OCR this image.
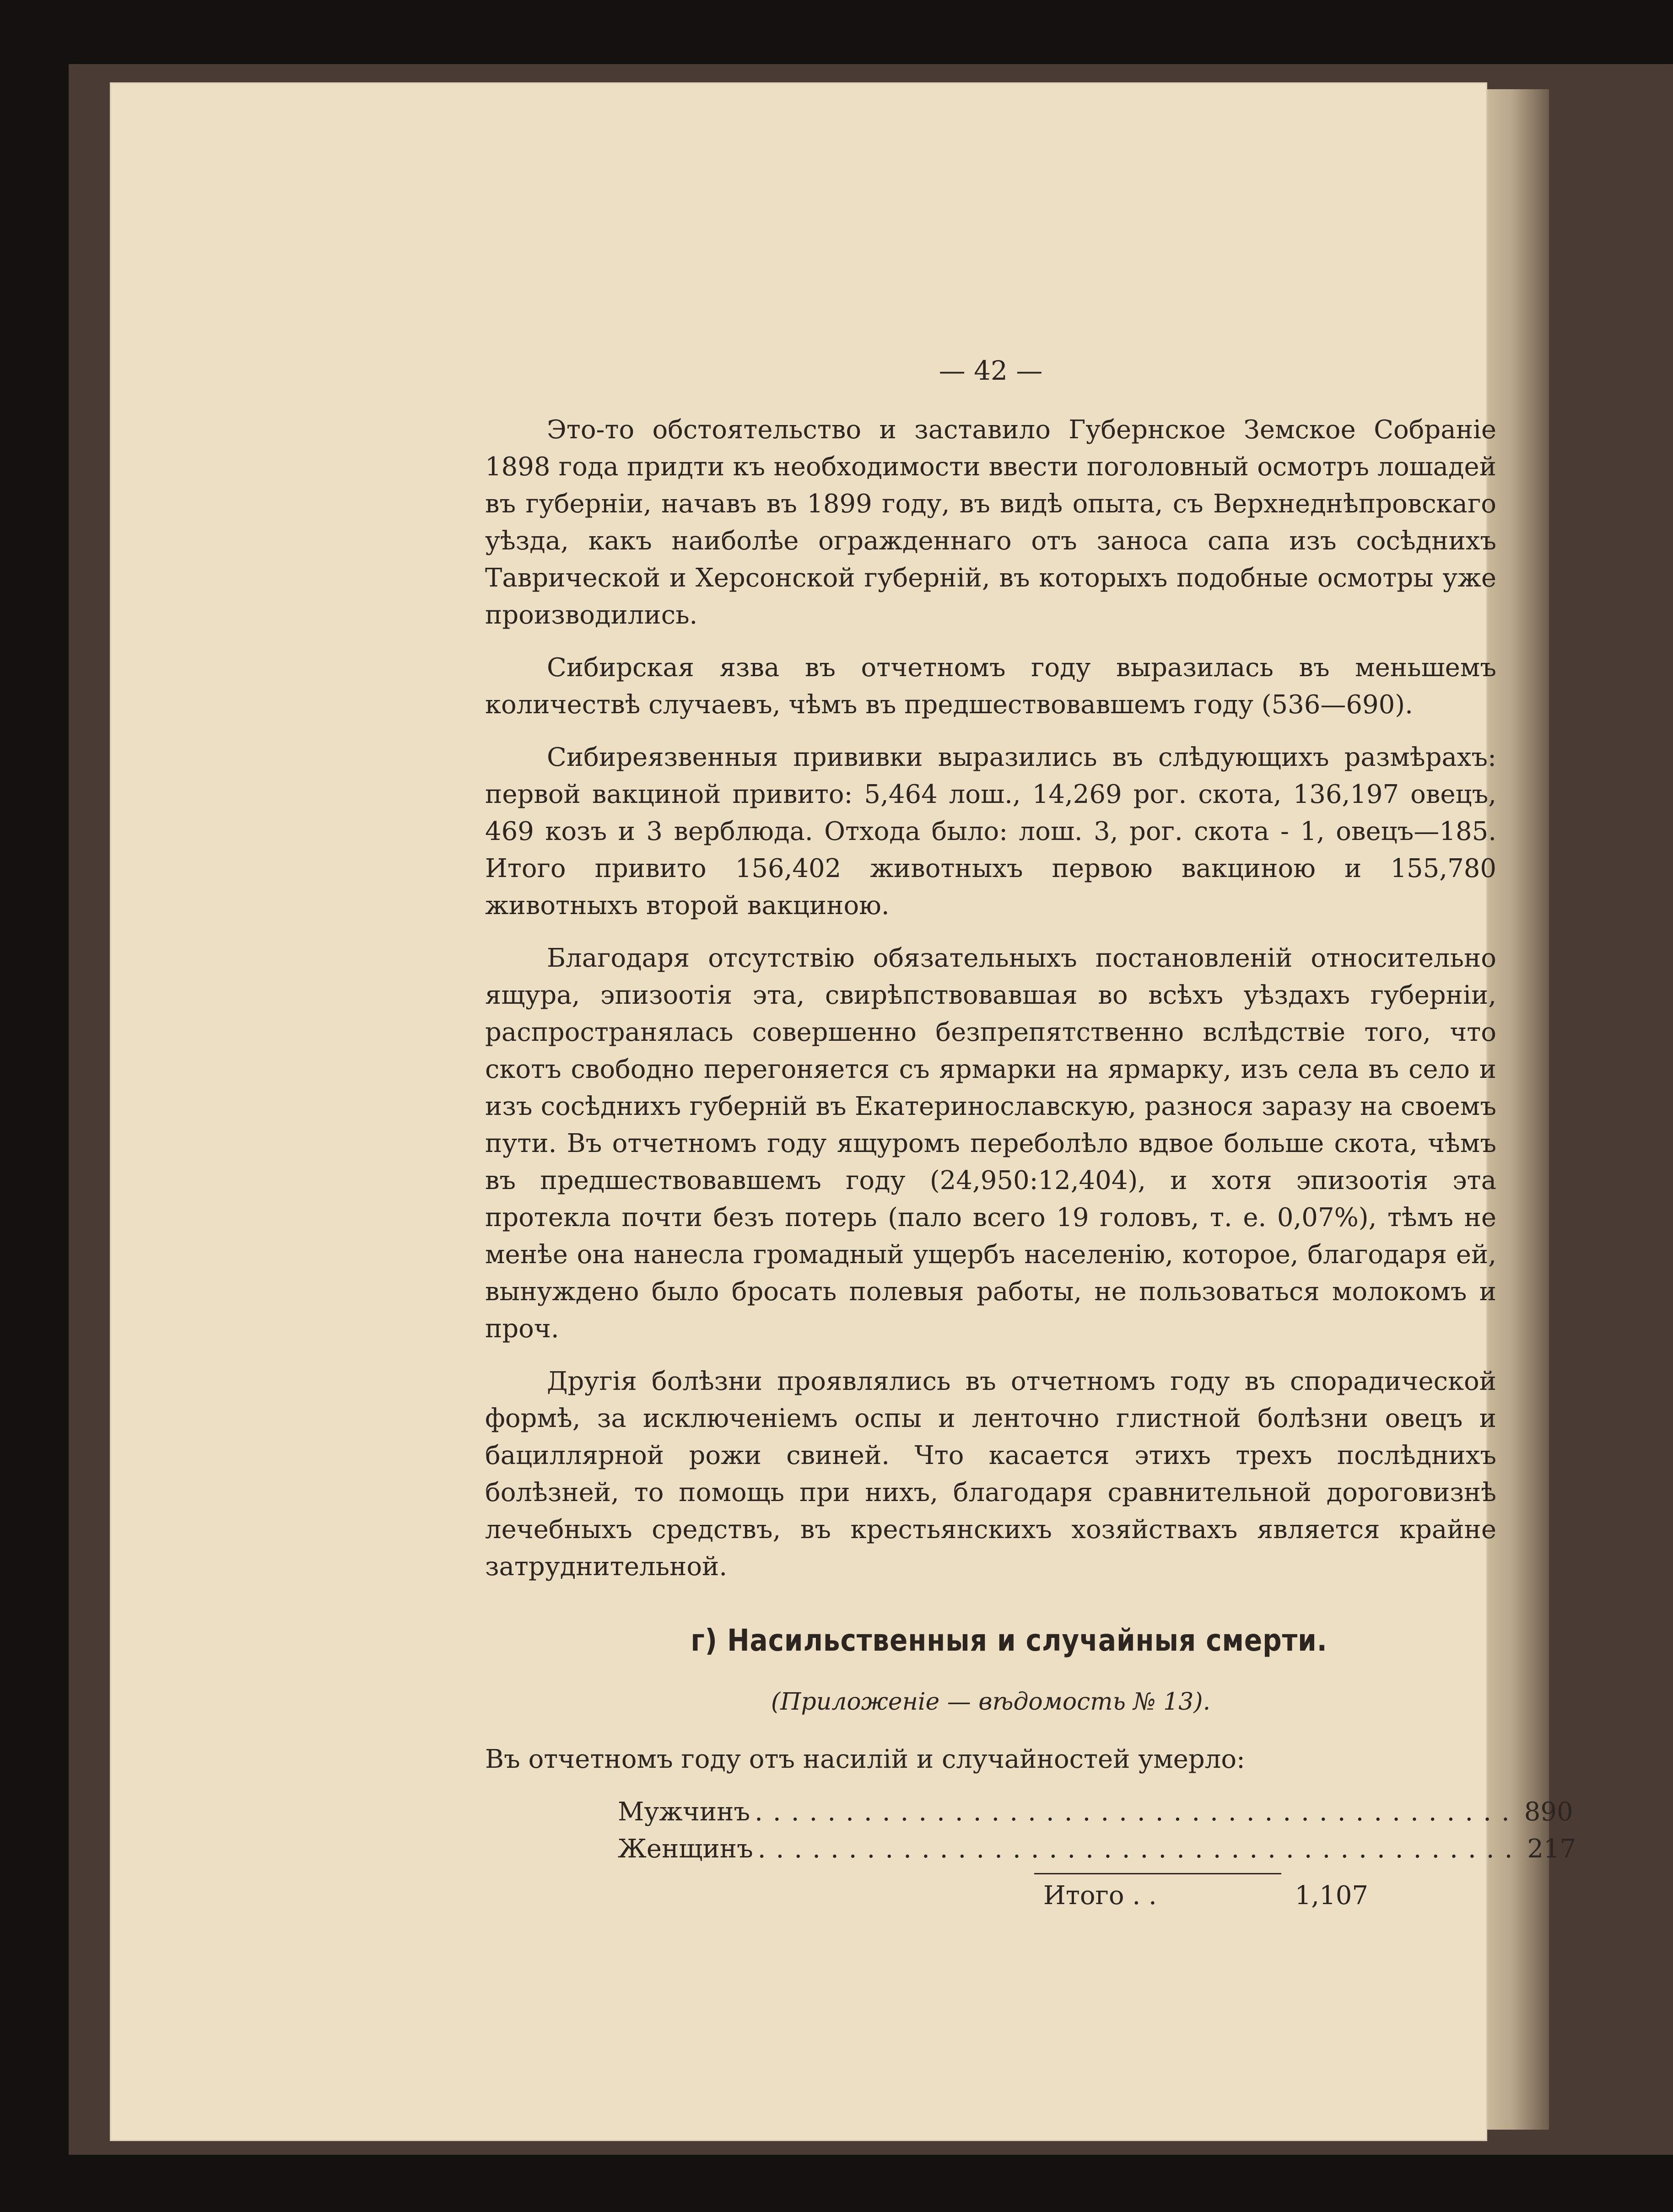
— 42 —

Это-то обстоятельство и заставило Губернское Земское Собраніе 1898 года придти къ необходимости ввести поголовный осмотръ лошадей въ губерніи, начавъ въ 1899 году, въ видѣ опыта, съ Верхнеднѣпровскаго уѣзда, какъ наиболѣе огражденнаго отъ заноса сапа изъ сосѣднихъ Таврической и Херсонской губерній, въ которыхъ подобные осмотры уже производились.

Сибирская язва въ отчетномъ году выразилась въ меньшемъ количествѣ случаевъ, чѣмъ въ предшествовавшемъ году (536—690).

Сибиреязвенныя прививки выразились въ слѣдующихъ размѣрахъ: первой вакциной привито: 5,464 лош., 14,269 рог. скота, 136,197 овецъ, 469 козъ и 3 верблюда. Отхода было: лош. 3, рог. скота - 1, овецъ—185. Итого привито 156,402 животныхъ первою вакциною и 155,780 животныхъ второй вакциною.

Благодаря отсутствію обязательныхъ постановленій относительно ящура, эпизоотія эта, свирѣпствовавшая во всѣхъ уѣздахъ губерніи, распространялась совершенно безпрепятственно вслѣдствіе того, что скотъ свободно перегоняется съ ярмарки на ярмарку, изъ села въ село и изъ сосѣднихъ губерній въ Екатеринославскую, разнося заразу на своемъ пути. Въ отчетномъ году ящуромъ переболѣло вдвое больше скота, чѣмъ въ предшествовавшемъ году (24,950:12,404), и хотя эпизоотія эта протекла почти безъ потерь (пало всего 19 головъ, т. е. 0,07%), тѣмъ не менѣе она нанесла громадный ущербъ населенію, которое, благодаря ей, вынуждено было бросать полевыя работы, не пользоваться молокомъ и проч.

Другія болѣзни проявлялись въ отчетномъ году въ спорадической формѣ, за исключеніемъ оспы и ленточно глистной болѣзни овецъ и бациллярной рожи свиней. Что касается этихъ трехъ послѣднихъ болѣзней, то помощь при нихъ, благодаря сравнительной дороговизнѣ лечебныхъ средствъ, въ крестьянскихъ хозяйствахъ является крайне затруднительной.

г) Насильственныя и случайныя смерти.
(Приложеніе — вѣдомость № 13).

Въ отчетномъ году отъ насилій и случайностей умерло:

Мужчинъ .......................................... 890
Женщинъ .......................................... 217
Итого . .	1,107
